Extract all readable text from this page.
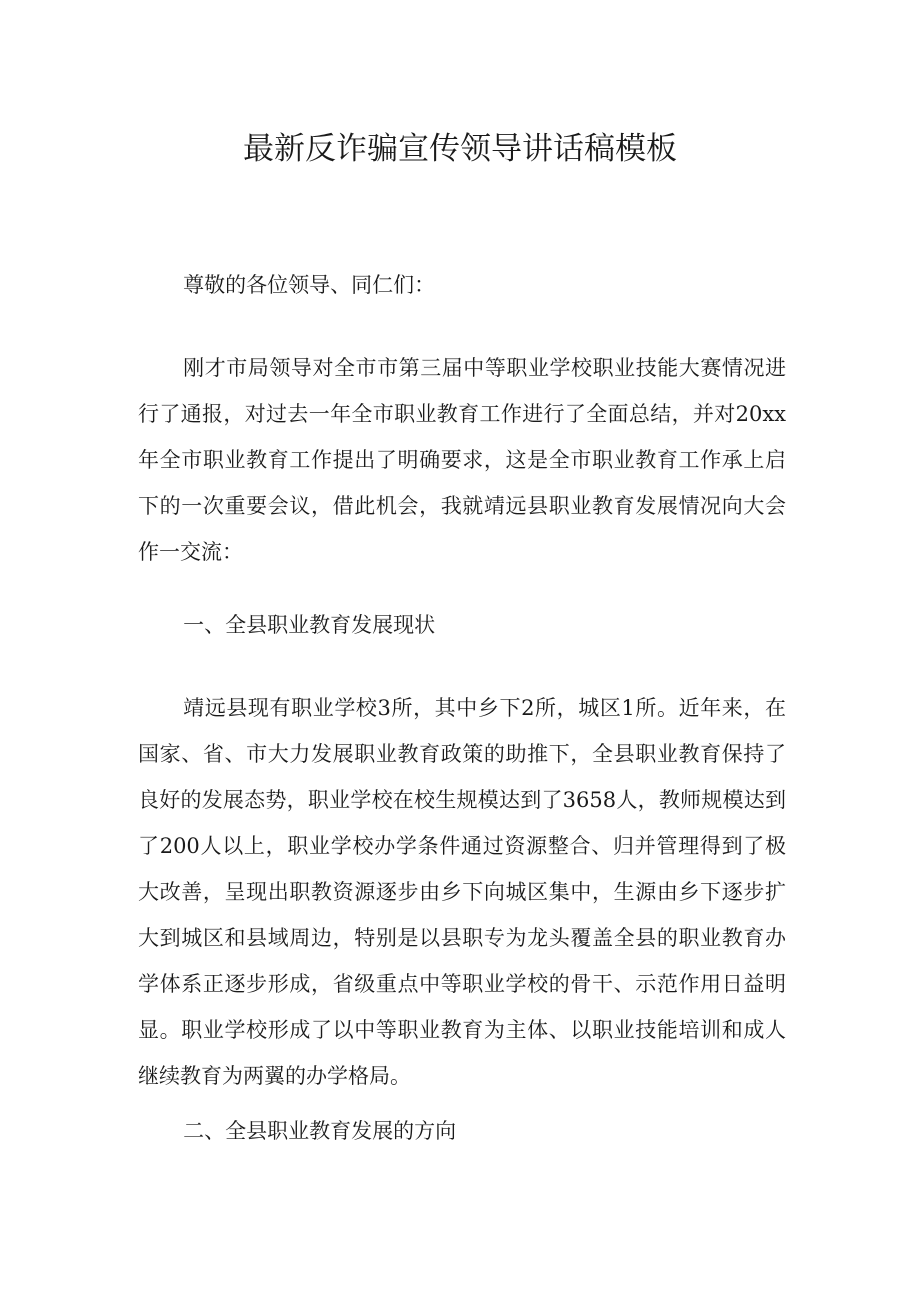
最新反诈骗宣传领导讲话稿模板

尊敬的各位领导、同仁们：

刚才市局领导对全市市第三届中等职业学校职业技能大赛情况进行了通报，对过去一年全市职业教育工作进行了全面总结，并对20xx年全市职业教育工作提出了明确要求，这是全市职业教育工作承上启下的一次重要会议，借此机会，我就靖远县职业教育发展情况向大会作一交流：

一、全县职业教育发展现状

靖远县现有职业学校3所，其中乡下2所，城区1所。近年来，在国家、省、市大力发展职业教育政策的助推下，全县职业教育保持了良好的发展态势，职业学校在校生规模达到了3658人，教师规模达到了200人以上，职业学校办学条件通过资源整合、归并管理得到了极大改善，呈现出职教资源逐步由乡下向城区集中，生源由乡下逐步扩大到城区和县域周边，特别是以县职专为龙头覆盖全县的职业教育办学体系正逐步形成，省级重点中等职业学校的骨干、示范作用日益明显。职业学校形成了以中等职业教育为主体、以职业技能培训和成人继续教育为两翼的办学格局。

二、全县职业教育发展的方向
